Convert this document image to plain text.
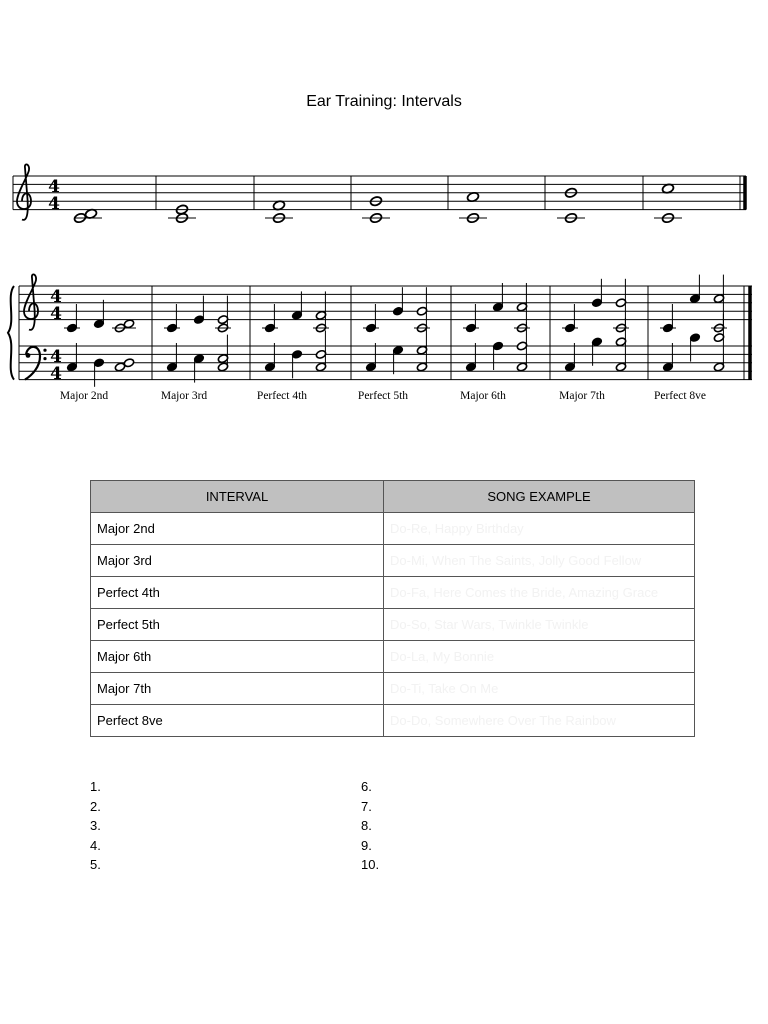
Ear Training: Intervals
4
4
4
4
4
4
Major 2nd	Major 3rd	Perfect 4th	Perfect 5th	Major 6th	Major 7th	Perfect 8ve
INTERVAL	SONG EXAMPLE
Major 2nd	Do-Re, Happy Birthday
Major 3rd	Do-Mi, When The Saints, Jolly Good Fellow
Perfect 4th	Do-Fa, Here Comes the Bride, Amazing Grace
Perfect 5th	Do-So, Star Wars, Twinkle Twinkle
Major 6th	Do-La, My Bonnie
Major 7th	Do-Ti, Take On Me
Perfect 8ve	Do-Do, Somewhere Over The Rainbow
1.
2.
3.
4.
5.
6.
7.
8.
9.
10.
